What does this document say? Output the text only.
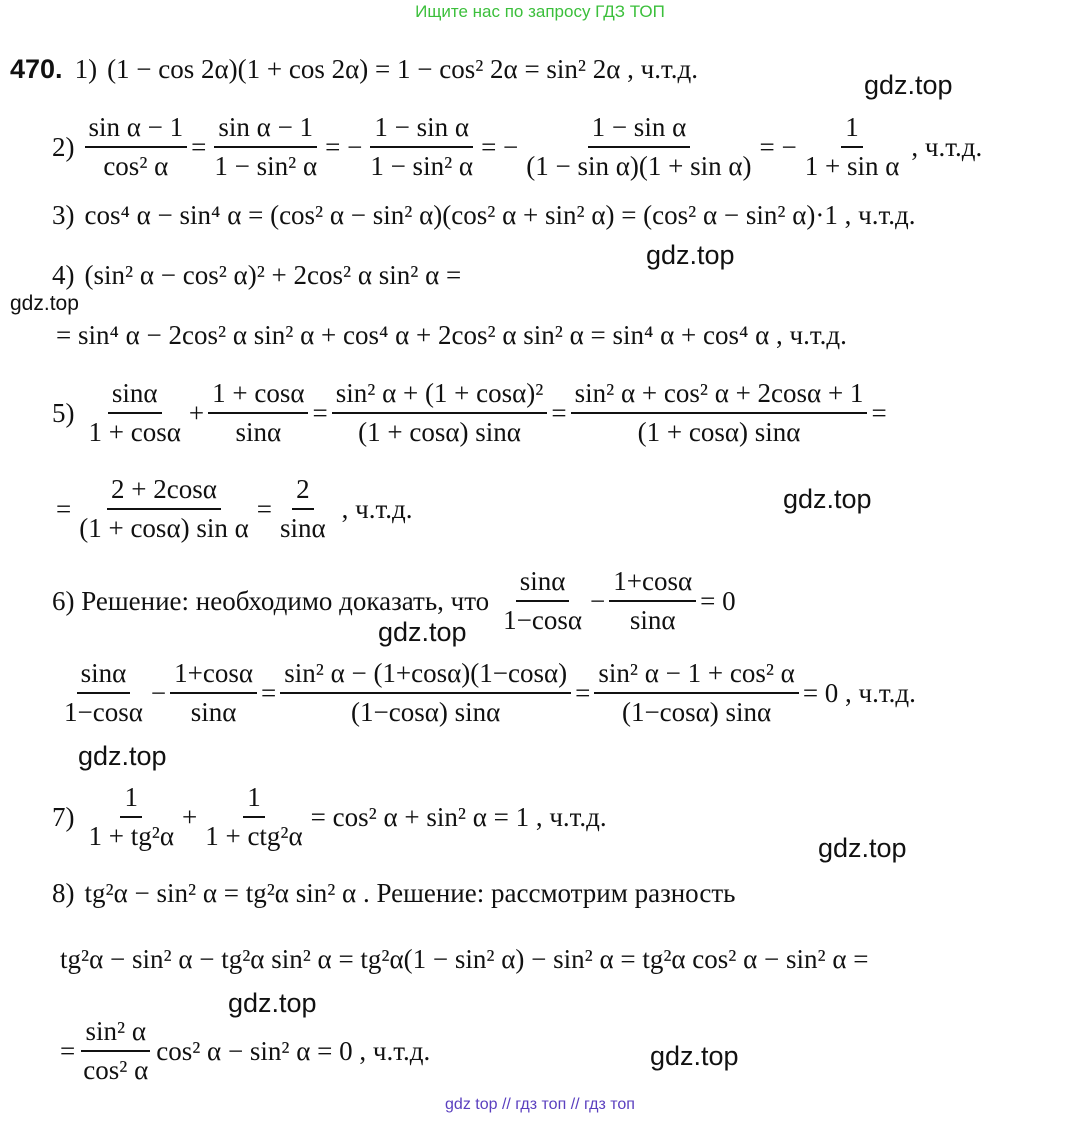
Ищите нас по запросу ГДЗ ТОП
gdz.top
gdz.top
gdz.top
gdz.top
gdz.top
gdz.top
gdz.top
gdz.top
gdz.top
470. 1) (1 − cos 2α)(1 + cos 2α) = 1 − cos² 2α = sin² 2α , ч.т.д.
$2) \frac{\text{sin α − 1}}{\text{cos² α}} = \frac{\text{sin α − 1}}{\text{1 − sin² α}}$ = − $\frac{\text{1 − sin α}}{\text{1 − sin² α}}$ = − $\frac{\text{1 − sin α}}{\text{(1 − sin α)(1 + sin α)}}$ = − $\frac{1}{\text{1 + sin α}}$ , ч.т.д.
3) cos⁴ α − sin⁴ α = (cos² α − sin² α)(cos² α + sin² α) = (cos² α − sin² α)·1 , ч.т.д.
4) (sin² α − cos² α)² + 2cos² α sin² α =
= sin⁴ α − 2cos² α sin² α + cos⁴ α + 2cos² α sin² α = sin⁴ α + cos⁴ α , ч.т.д.
$5) \frac{\sin\alpha}{1 + \cos\alpha} + \frac{1 + \cos\alpha}{\sin\alpha} = \frac{\text{sin² α + (1 + cosα)²}}{(1 + \cos\alpha) \sin\alpha} = \frac{\text{sin² α + cos² α + 2cosα + 1}}{(1 + \cos\alpha) \sin\alpha}$ =
= $\frac{2 + 2\cos\alpha}{\text{(1 + cosα) sin α}} = \frac{2}{\sin\alpha}$ , ч.т.д.
6) Решение: необходимо доказать, что $\frac{\sin\alpha}{1-\cos\alpha} - \frac{1+\cos\alpha}{\sin\alpha} = 0$
$\frac{\sin\alpha}{1-\cos\alpha} - \frac{1+\cos\alpha}{\sin\alpha} = \frac{\text{sin² α − (1+cosα)(1−cosα)}}{(1-\cos\alpha) \sin\alpha} = \frac{\text{sin² α − 1 + cos² α}}{(1-\cos\alpha) \sin\alpha} = 0$ , ч.т.д.
$7) \frac{1}{\text{1 + tg²α}} + \frac{1}{\text{1 + ctg²α}} = \cos^2$ α + sin² α = 1 , ч.т.д.
8) tg²α − sin² α = tg²α sin² α . Решение: рассмотрим разность
tg²α − sin² α − tg²α sin² α = tg²α(1 − sin² α) − sin² α = tg²α cos² α − sin² α =
= $\frac{\text{sin² α}}{\text{cos² α}} \cos^2$ α − sin² α = 0 , ч.т.д.
gdz top // гдз топ // гдз топ
